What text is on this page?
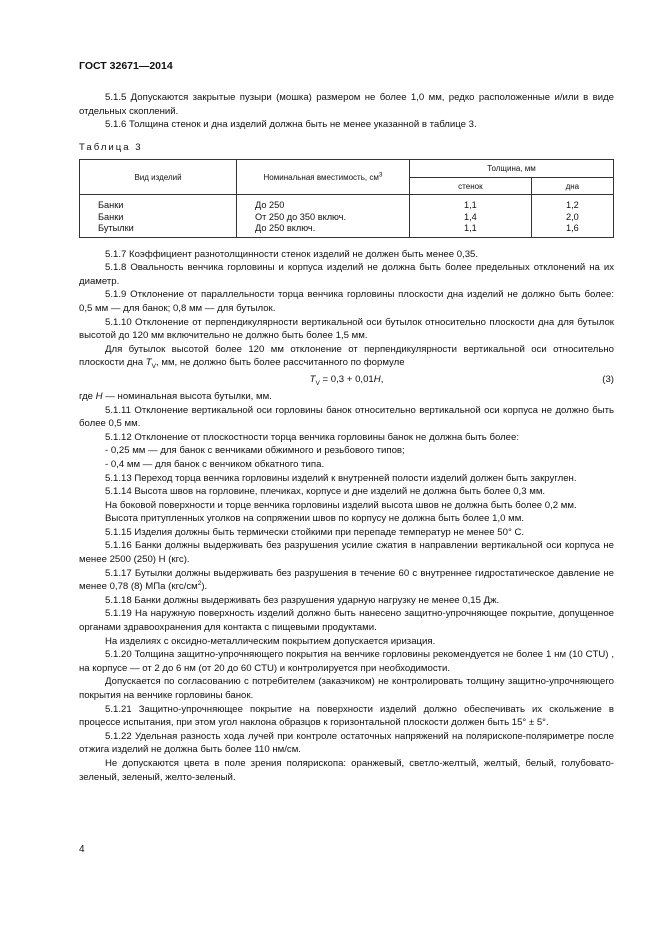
ГОСТ 32671—2014

5.1.5 Допускаются закрытые пузыри (мошка) размером не более 1,0 мм, редко расположенные и/или в виде отдельных скоплений.

5.1.6 Толщина стенок и дна изделий должна быть не менее указанной в таблице 3.

Таблица 3

Вид изделий	Номинальная вместимость, $см^3$	Толщина, мм	
		стенок	дна
Банки	До 250	1,1	1,2
Банки	От 250 до 350 включ.	1,4	2,0
Бутылки	До 250 включ.	1,1	1,6

5.1.7 Коэффициент разнотолщинности стенок изделий не должен быть менее 0,35.

5.1.8 Овальность венчика горловины и корпуса изделий не должна быть более предельных отклонений на их диаметр.

5.1.9 Отклонение от параллельности торца венчика горловины плоскости дна изделий не должно быть более: 0,5 мм — для банок; 0,8 мм — для бутылок.

5.1.10 Отклонение от перпендикулярности вертикальной оси бутылок относительно плоскости дна для бутылок высотой до 120 мм включительно не должно быть более 1,5 мм.

Для бутылок высотой более 120 мм отклонение от перпендикулярности вертикальной оси относительно плоскости дна $T_V$, мм, не должно быть более рассчитанного по формуле

$T_V = 0,3 + 0,01H$,	(3)

где H — номинальная высота бутылки, мм.

5.1.11 Отклонение вертикальной оси горловины банок относительно вертикальной оси корпуса не должно быть более 0,5 мм.

5.1.12 Отклонение от плоскостности торца венчика горловины банок не должна быть более:

- 0,25 мм — для банок с венчиками обжимного и резьбового типов;

- 0,4 мм — для банок с венчиком обкатного типа.

5.1.13 Переход торца венчика горловины изделий к внутренней полости изделий должен быть закруглен.

5.1.14 Высота швов на горловине, плечиках, корпусе и дне изделий не должна быть более 0,3 мм.

На боковой поверхности и торце венчика горловины изделий высота швов не должна быть более 0,2 мм.

Высота притупленных уголков на сопряжении швов по корпусу не должна быть более 1,0 мм.

5.1.15 Изделия должны быть термически стойкими при перепаде температур не менее 50° С.

5.1.16 Банки должны выдерживать без разрушения усилие сжатия в направлении вертикальной оси корпуса не менее 2500 (250) Н (кгс).

5.1.17 Бутылки должны выдерживать без разрушения в течение 60 с внутреннее гидростатическое давление не менее 0,78 (8) МПа $(кгс/см^2)$.

5.1.18 Банки должны выдерживать без разрушения ударную нагрузку не менее 0,15 Дж.

5.1.19 На наружную поверхность изделий должно быть нанесено защитно-упрочняющее покрытие, допущенное органами здравоохранения для контакта с пищевыми продуктами.

На изделиях с оксидно-металлическим покрытием допускается иризация.

5.1.20 Толщина защитно-упрочняющего покрытия на венчике горловины рекомендуется не более 1 нм (10 CTU) , на корпусе — от 2 до 6 нм (от 20 до 60 CTU) и контролируется при необходимости.

Допускается по согласованию с потребителем (заказчиком) не контролировать толщину защитно-упрочняющего покрытия на венчике горловины банок.

5.1.21 Защитно-упрочняющее покрытие на поверхности изделий должно обеспечивать их скольжение в процессе испытания, при этом угол наклона образцов к горизонтальной плоскости должен быть 15° ± 5°.

5.1.22 Удельная разность хода лучей при контроле остаточных напряжений на полярископе-поляриметре после отжига изделий не должна быть более 110 нм/см.

Не допускаются цвета в поле зрения полярископа: оранжевый, светло-желтый, желтый, белый, голубовато-зеленый, зеленый, желто-зеленый.

4
